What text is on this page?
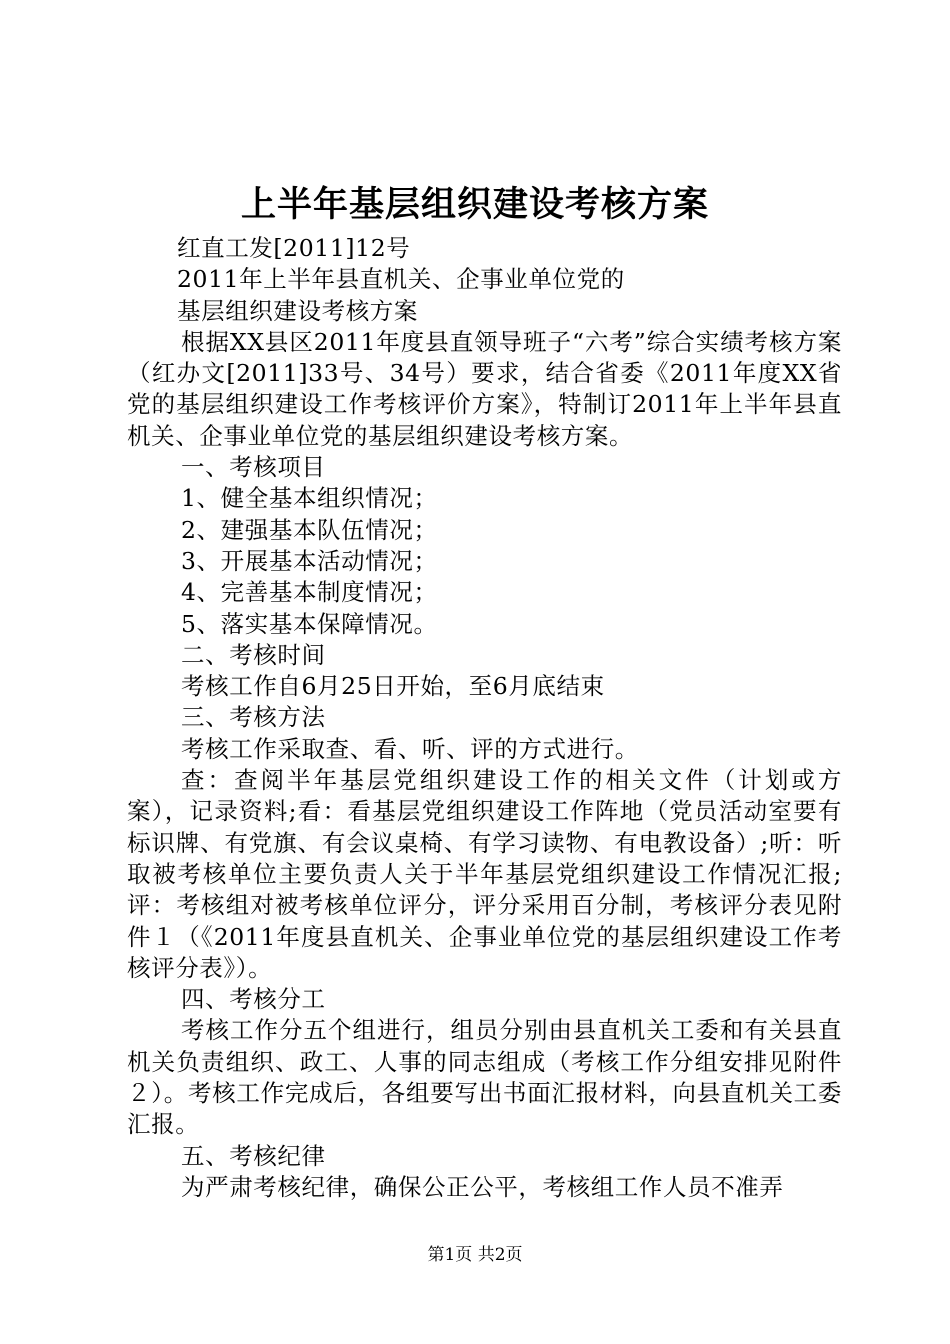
上半年基层组织建设考核方案

红直工发[2011]12号

2011年上半年县直机关、企事业单位党的

基层组织建设考核方案

根据XX县区2011年度县直领导班子“六考”综合实绩考核方案（红办文[2011]33号、34号）要求，结合省委《2011年度XX省党的基层组织建设工作考核评价方案》，特制订2011年上半年县直机关、企事业单位党的基层组织建设考核方案。

一、考核项目

1、健全基本组织情况；

2、建强基本队伍情况；

3、开展基本活动情况；

4、完善基本制度情况；

5、落实基本保障情况。

二、考核时间

考核工作自6月25日开始，至6月底结束

三、考核方法

考核工作采取查、看、听、评的方式进行。

查：查阅半年基层党组织建设工作的相关文件（计划或方案），记录资料;看：看基层党组织建设工作阵地（党员活动室要有标识牌、有党旗、有会议桌椅、有学习读物、有电教设备）;听：听取被考核单位主要负责人关于半年基层党组织建设工作情况汇报;评：考核组对被考核单位评分，评分采用百分制，考核评分表见附件１（《2011年度县直机关、企事业单位党的基层组织建设工作考核评分表》）。

四、考核分工

考核工作分五个组进行，组员分别由县直机关工委和有关县直机关负责组织、政工、人事的同志组成（考核工作分组安排见附件２）。考核工作完成后，各组要写出书面汇报材料，向县直机关工委汇报。

五、考核纪律

为严肃考核纪律，确保公正公平，考核组工作人员不准弄

第1页 共2页
